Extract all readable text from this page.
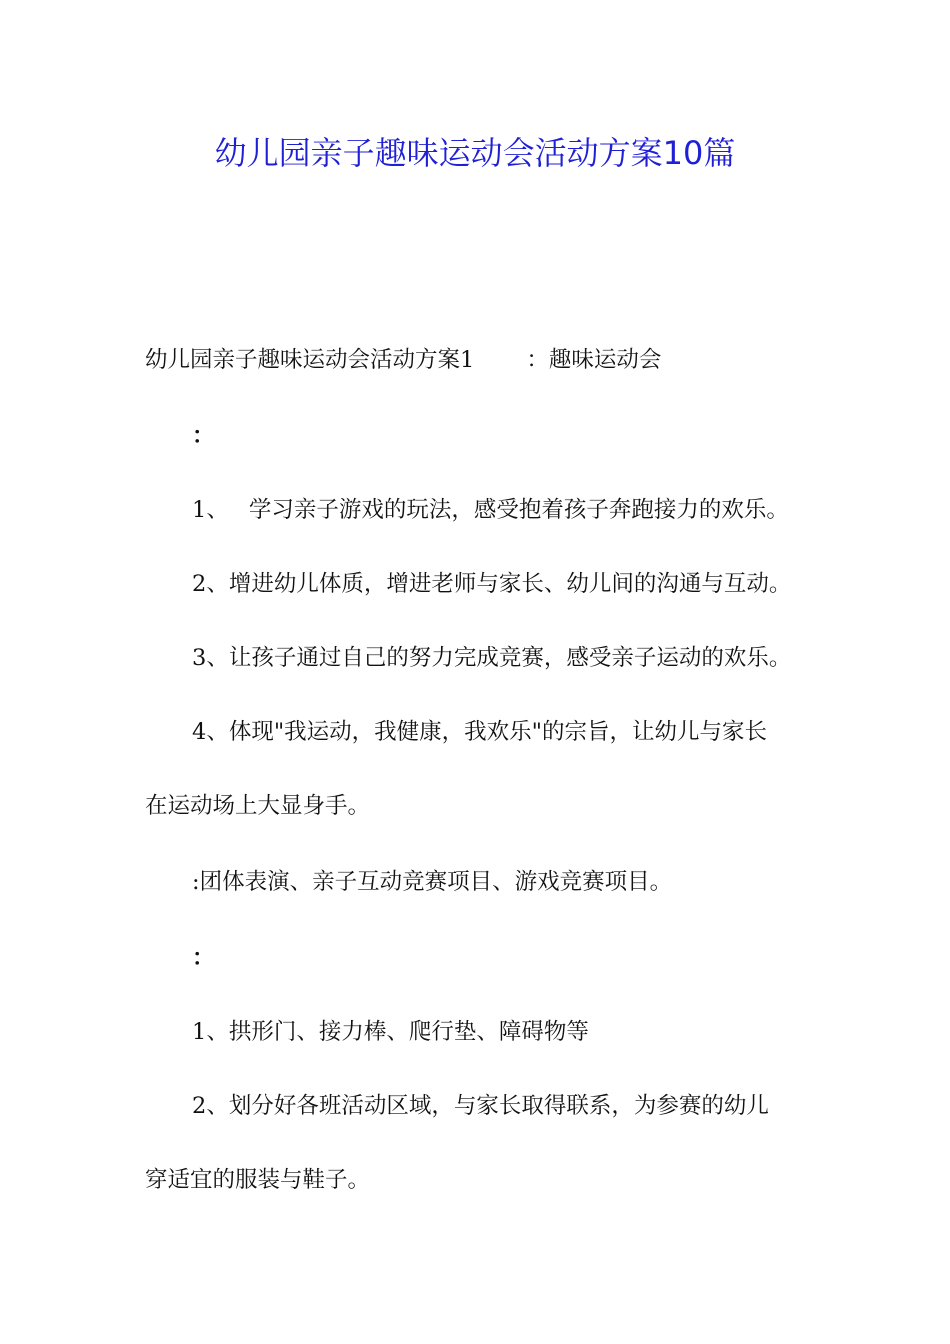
幼儿园亲子趣味运动会活动方案10篇
幼儿园亲子趣味运动会活动方案1 ：趣味运动会
：
1、 学习亲子游戏的玩法，感受抱着孩子奔跑接力的欢乐。
2、增进幼儿体质，增进老师与家长、幼儿间的沟通与互动。
3、让孩子通过自己的努力完成竞赛，感受亲子运动的欢乐。
4、体现"我运动，我健康，我欢乐"的宗旨，让幼儿与家长
在运动场上大显身手。
:团体表演、亲子互动竞赛项目、游戏竞赛项目。
：
1、拱形门、接力棒、爬行垫、障碍物等
2、划分好各班活动区域，与家长取得联系，为参赛的幼儿
穿适宜的服装与鞋子。
